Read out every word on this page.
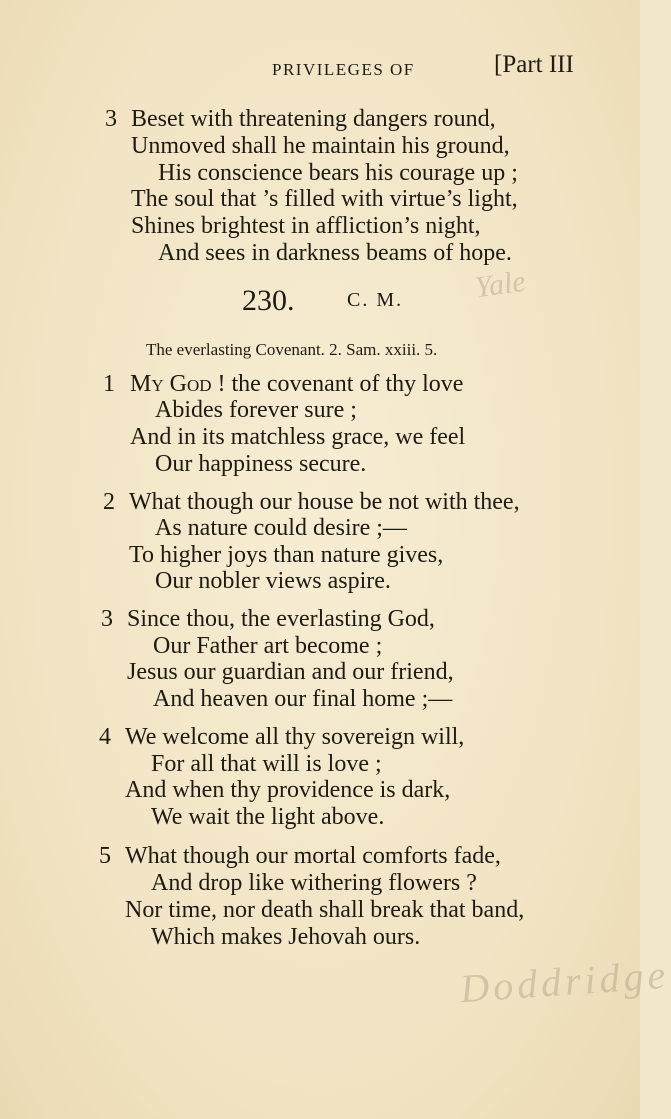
PRIVILEGES OF	[Part III
3 Beset with threatening dangers round,
Unmoved shall he maintain his ground,
His conscience bears his courage up ;
The soul that ’s filled with virtue’s light,
Shines brightest in affliction’s night,
And sees in darkness beams of hope.
Yale
230.	C. M.
The everlasting Covenant. 2. Sam. xxiii. 5.
1 My God ! the covenant of thy love
Abides forever sure ;
And in its matchless grace, we feel
Our happiness secure.
2 What though our house be not with thee,
As nature could desire ;—
To higher joys than nature gives,
Our nobler views aspire.
3 Since thou, the everlasting God,
Our Father art become ;
Jesus our guardian and our friend,
And heaven our final home ;—
4 We welcome all thy sovereign will,
For all that will is love ;
And when thy providence is dark,
We wait the light above.
5 What though our mortal comforts fade,
And drop like withering flowers ?
Nor time, nor death shall break that band,
Which makes Jehovah ours.
Doddridge
